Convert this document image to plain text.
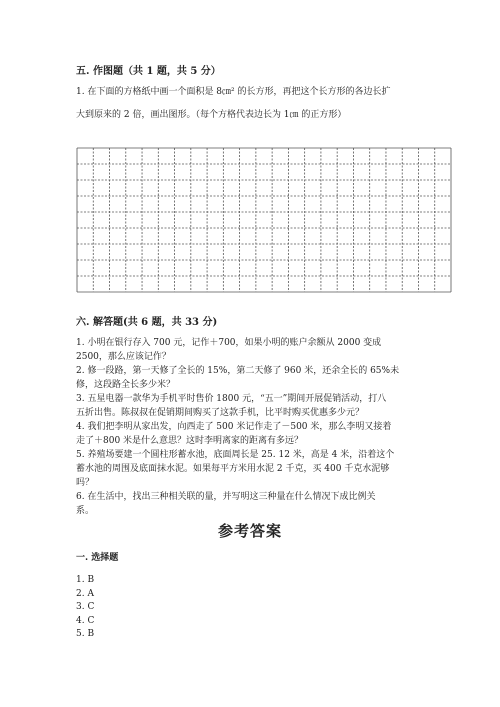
五. 作图题（共 1 题，共 5 分）
1. 在下面的方格纸中画一个面积是 8㎝² 的长方形，再把这个长方形的各边长扩
大到原来的 2 倍，画出图形。（每个方格代表边长为 1㎝ 的正方形）
六. 解答题(共 6 题，共 33 分)
1. 小明在银行存入 700 元，记作＋700，如果小明的账户余额从 2000 变成
2500，那么应该记作？
2. 修一段路，第一天修了全长的 15%，第二天修了 960 米，还余全长的 65%未
修，这段路全长多少米？
3. 五星电器一款华为手机平时售价 1800 元，“五一”期间开展促销活动，打八
五折出售。陈叔叔在促销期间购买了这款手机，比平时购买优惠多少元？
4. 我们把李明从家出发，向西走了 500 米记作走了－500 米，那么李明又接着
走了＋800 米是什么意思？这时李明离家的距离有多远？
5. 养殖场要建一个圆柱形蓄水池，底面周长是 25. 12 米，高是 4 米，沿着这个
蓄水池的周围及底面抹水泥。如果每平方米用水泥 2 千克，买 400 千克水泥够
吗？
6. 在生活中，找出三种相关联的量，并写明这三种量在什么情况下成比例关
系。
参考答案
一. 选择题
1. B
2. A
3. C
4. C
5. B
